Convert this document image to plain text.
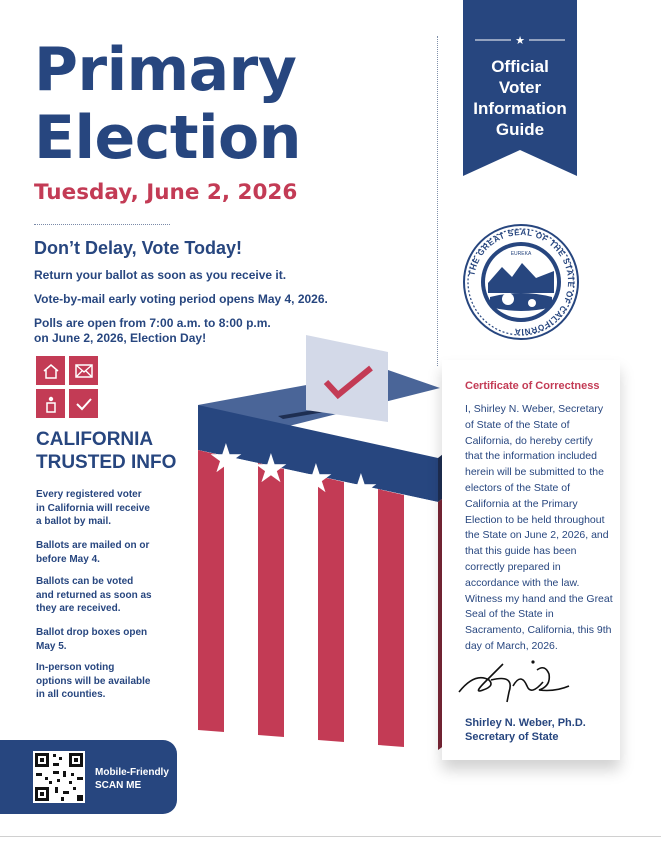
Primary
Election
Tuesday, June 2, 2026
Don’t Delay, Vote Today!
Return your ballot as soon as you receive it.
Vote-by-mail early voting period opens May 4, 2026.
Polls are open from 7:00 a.m. to 8:00 p.m.
on June 2, 2026, Election Day!
CALIFORNIA
TRUSTED INFO
Every registered voter
in California will receive
a ballot by mail.
Ballots are mailed on or
before May 4.
Ballots can be voted
and returned as soon as
they are received.
Ballot drop boxes open
May 5.
In-person voting
options will be available
in all counties.
★
Official
Voter
Information
Guide
THE GREAT SEAL OF THE STATE OF CALIFORNIA
EUREKA
★ ★ ★ ★
Certificate of Correctness
I, Shirley N. Weber, Secretary of State of the State of California, do hereby certify that the information included herein will be submitted to the electors of the State of California at the Primary Election to be held throughout the State on June 2, 2026, and that this guide has been correctly prepared in accordance with the law. Witness my hand and the Great Seal of the State in Sacramento, California, this 9th day of March, 2026.
Shirley N. Weber, Ph.D.
Secretary of State
Mobile-Friendly
SCAN ME
